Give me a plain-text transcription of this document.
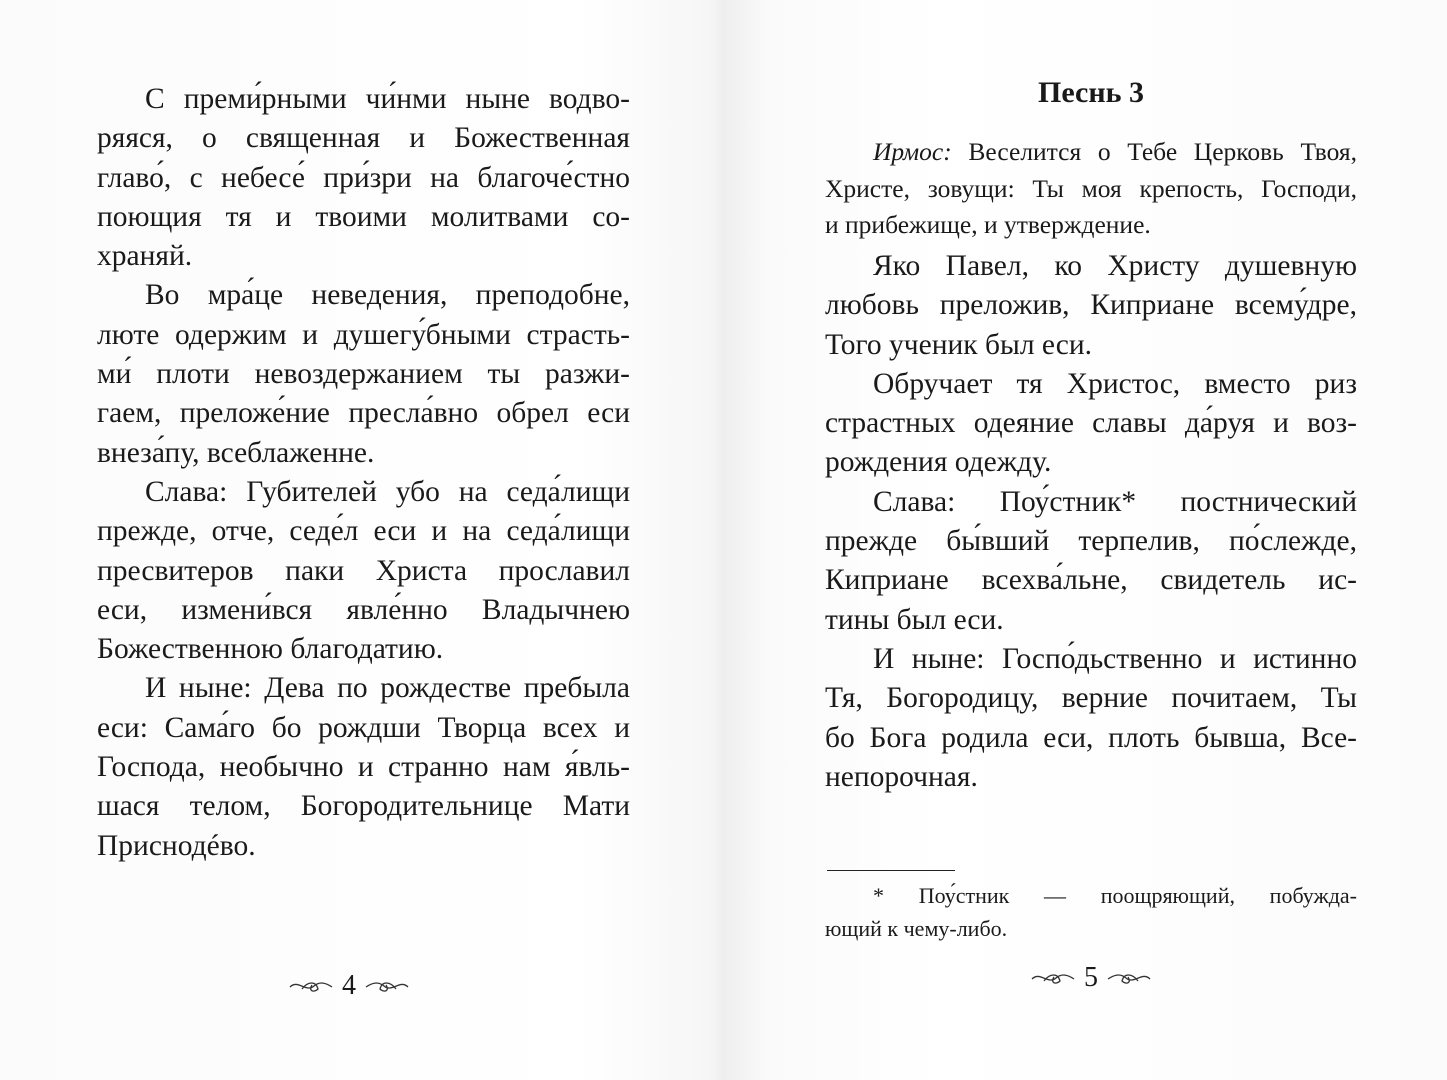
С преми́рными чи́нми ныне водво-
ряяся, о священная и Божественная
главо́, с небесе́ при́зри на благоче́стно
поющия тя и твоими молитвами со-
храняй.
Во мра́це неведения, преподобне,
люте одержим и душегу́бными страсть-
ми́ плоти невоздержанием ты разжи-
гаем, преложе́ние пресла́вно обрел еси
внеза́пу, всеблаженне.
Слава: Губителей убо на седа́лищи
прежде, отче, седе́л еси и на седа́лищи
пресвитеров паки Христа прославил
еси, измени́вся явле́нно Владычнею
Божественною благодатию.
И ныне: Дева по рождестве пребыла
еси: Сама́го бо рождши Творца всех и
Господа, необычно и странно нам я́вль-
шася телом, Богородительнице Мати
Приснодéво.
4
Песнь 3
Ирмос: Веселится о Тебе Церковь Твоя,
Христе, зовущи: Ты моя крепость, Господи,
и прибежище, и утверждение.
Яко Павел, ко Христу душевную
любовь преложив, Киприане всему́дре,
Того ученик был еси.
Обручает тя Христос, вместо риз
страстных одеяние славы да́руя и воз-
рождения одежду.
Слава: Поу́стник* постнический
прежде бы́вший терпелив, по́слежде,
Киприане всехва́льне, свидетель ис-
тины был еси.
И ныне: Госпо́дьственно и истинно
Тя, Богородицу, верние почитаем, Ты
бо Бога родила еси, плоть бывша, Все-
непорочная.
* Поу́стник — поощряющий, побужда-
ющий к чему-либо.
5
